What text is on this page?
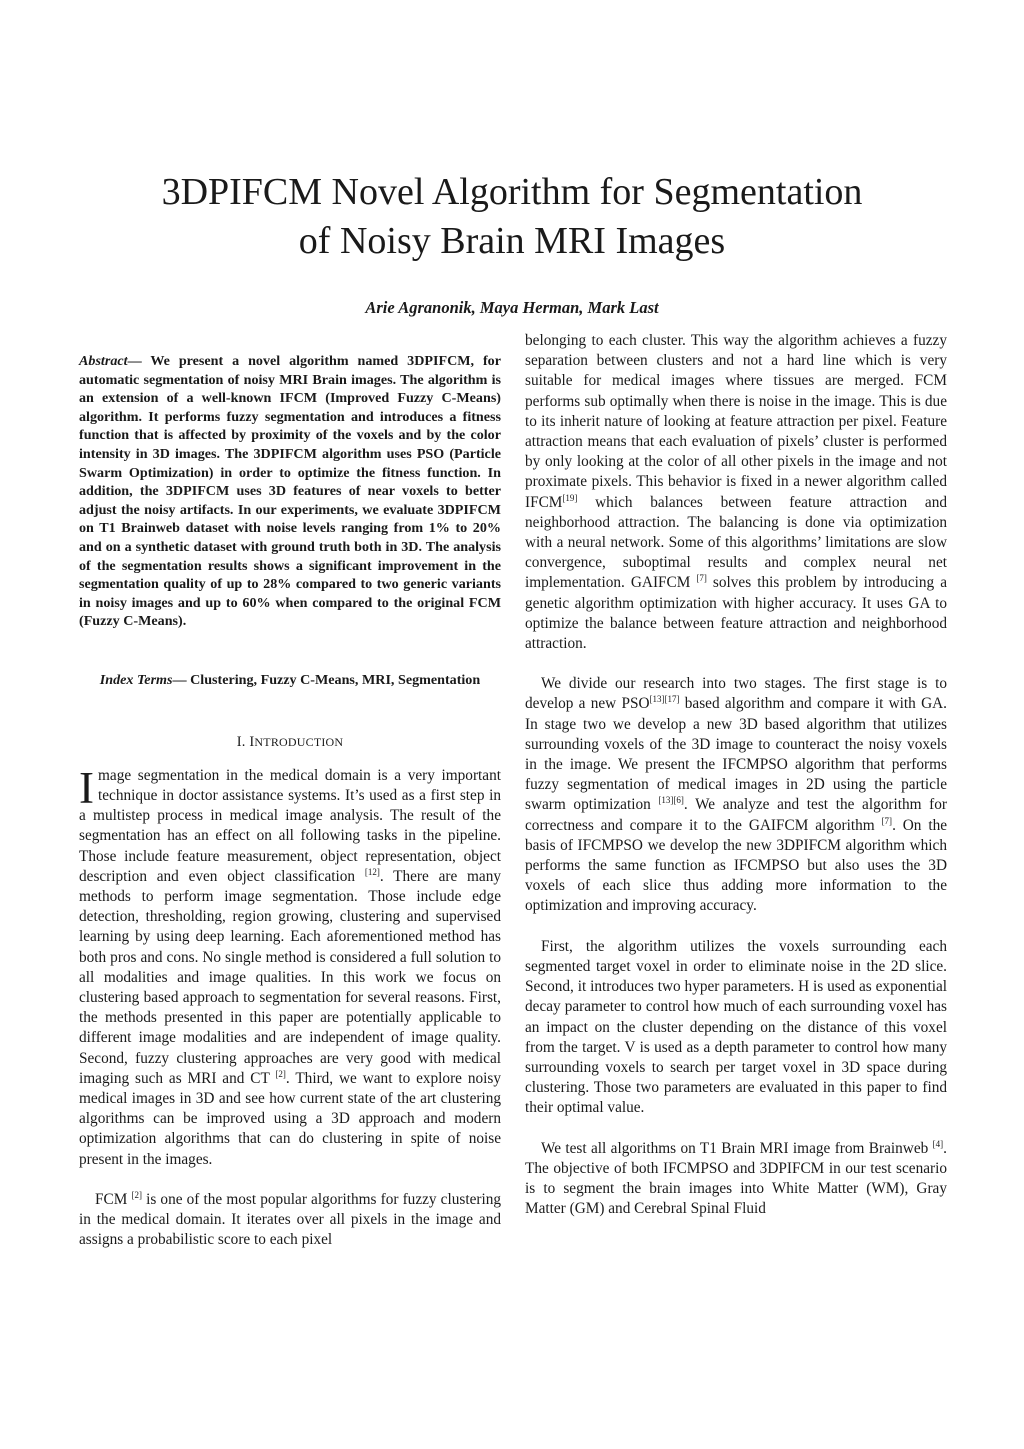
3DPIFCM Novel Algorithm for Segmentation
of Noisy Brain MRI Images
Arie Agranonik, Maya Herman, Mark Last

Abstract— We present a novel algorithm named 3DPIFCM, for automatic segmentation of noisy MRI Brain images. The algorithm is an extension of a well-known IFCM (Improved Fuzzy C-Means) algorithm. It performs fuzzy segmentation and introduces a fitness function that is affected by proximity of the voxels and by the color intensity in 3D images. The 3DPIFCM algorithm uses PSO (Particle Swarm Optimization) in order to optimize the fitness function. In addition, the 3DPIFCM uses 3D features of near voxels to better adjust the noisy artifacts. In our experiments, we evaluate 3DPIFCM on T1 Brainweb dataset with noise levels ranging from 1% to 20% and on a synthetic dataset with ground truth both in 3D. The analysis of the segmentation results shows a significant improvement in the segmentation quality of up to 28% compared to two generic variants in noisy images and up to 60% when compared to the original FCM (Fuzzy C-Means).

Index Terms— Clustering, Fuzzy C-Means, MRI, Segmentation

I. INTRODUCTION

Image segmentation in the medical domain is a very important technique in doctor assistance systems. It’s used as a first step in a multistep process in medical image analysis. The result of the segmentation has an effect on all following tasks in the pipeline. Those include feature measurement, object representation, object description and even object classification [12]. There are many methods to perform image segmentation. Those include edge detection, thresholding, region growing, clustering and supervised learning by using deep learning. Each aforementioned method has both pros and cons. No single method is considered a full solution to all modalities and image qualities. In this work we focus on clustering based approach to segmentation for several reasons. First, the methods presented in this paper are potentially applicable to different image modalities and are independent of image quality. Second, fuzzy clustering approaches are very good with medical imaging such as MRI and CT [2]. Third, we want to explore noisy medical images in 3D and see how current state of the art clustering algorithms can be improved using a 3D approach and modern optimization algorithms that can do clustering in spite of noise present in the images.

FCM [2] is one of the most popular algorithms for fuzzy clustering in the medical domain. It iterates over all pixels in the image and assigns a probabilistic score to each pixel

belonging to each cluster. This way the algorithm achieves a fuzzy separation between clusters and not a hard line which is very suitable for medical images where tissues are merged. FCM performs sub optimally when there is noise in the image. This is due to its inherit nature of looking at feature attraction per pixel. Feature attraction means that each evaluation of pixels’ cluster is performed by only looking at the color of all other pixels in the image and not proximate pixels. This behavior is fixed in a newer algorithm called IFCM[19] which balances between feature attraction and neighborhood attraction. The balancing is done via optimization with a neural network. Some of this algorithms’ limitations are slow convergence, suboptimal results and complex neural net implementation. GAIFCM [7] solves this problem by introducing a genetic algorithm optimization with higher accuracy. It uses GA to optimize the balance between feature attraction and neighborhood attraction.

We divide our research into two stages. The first stage is to develop a new PSO[13][17] based algorithm and compare it with GA. In stage two we develop a new 3D based algorithm that utilizes surrounding voxels of the 3D image to counteract the noisy voxels in the image. We present the IFCMPSO algorithm that performs fuzzy segmentation of medical images in 2D using the particle swarm optimization [13][6]. We analyze and test the algorithm for correctness and compare it to the GAIFCM algorithm [7]. On the basis of IFCMPSO we develop the new 3DPIFCM algorithm which performs the same function as IFCMPSO but also uses the 3D voxels of each slice thus adding more information to the optimization and improving accuracy.

First, the algorithm utilizes the voxels surrounding each segmented target voxel in order to eliminate noise in the 2D slice. Second, it introduces two hyper parameters. H is used as exponential decay parameter to control how much of each surrounding voxel has an impact on the cluster depending on the distance of this voxel from the target. V is used as a depth parameter to control how many surrounding voxels to search per target voxel in 3D space during clustering. Those two parameters are evaluated in this paper to find their optimal value.

We test all algorithms on T1 Brain MRI image from Brainweb [4]. The objective of both IFCMPSO and 3DPIFCM in our test scenario is to segment the brain images into White Matter (WM), Gray Matter (GM) and Cerebral Spinal Fluid
